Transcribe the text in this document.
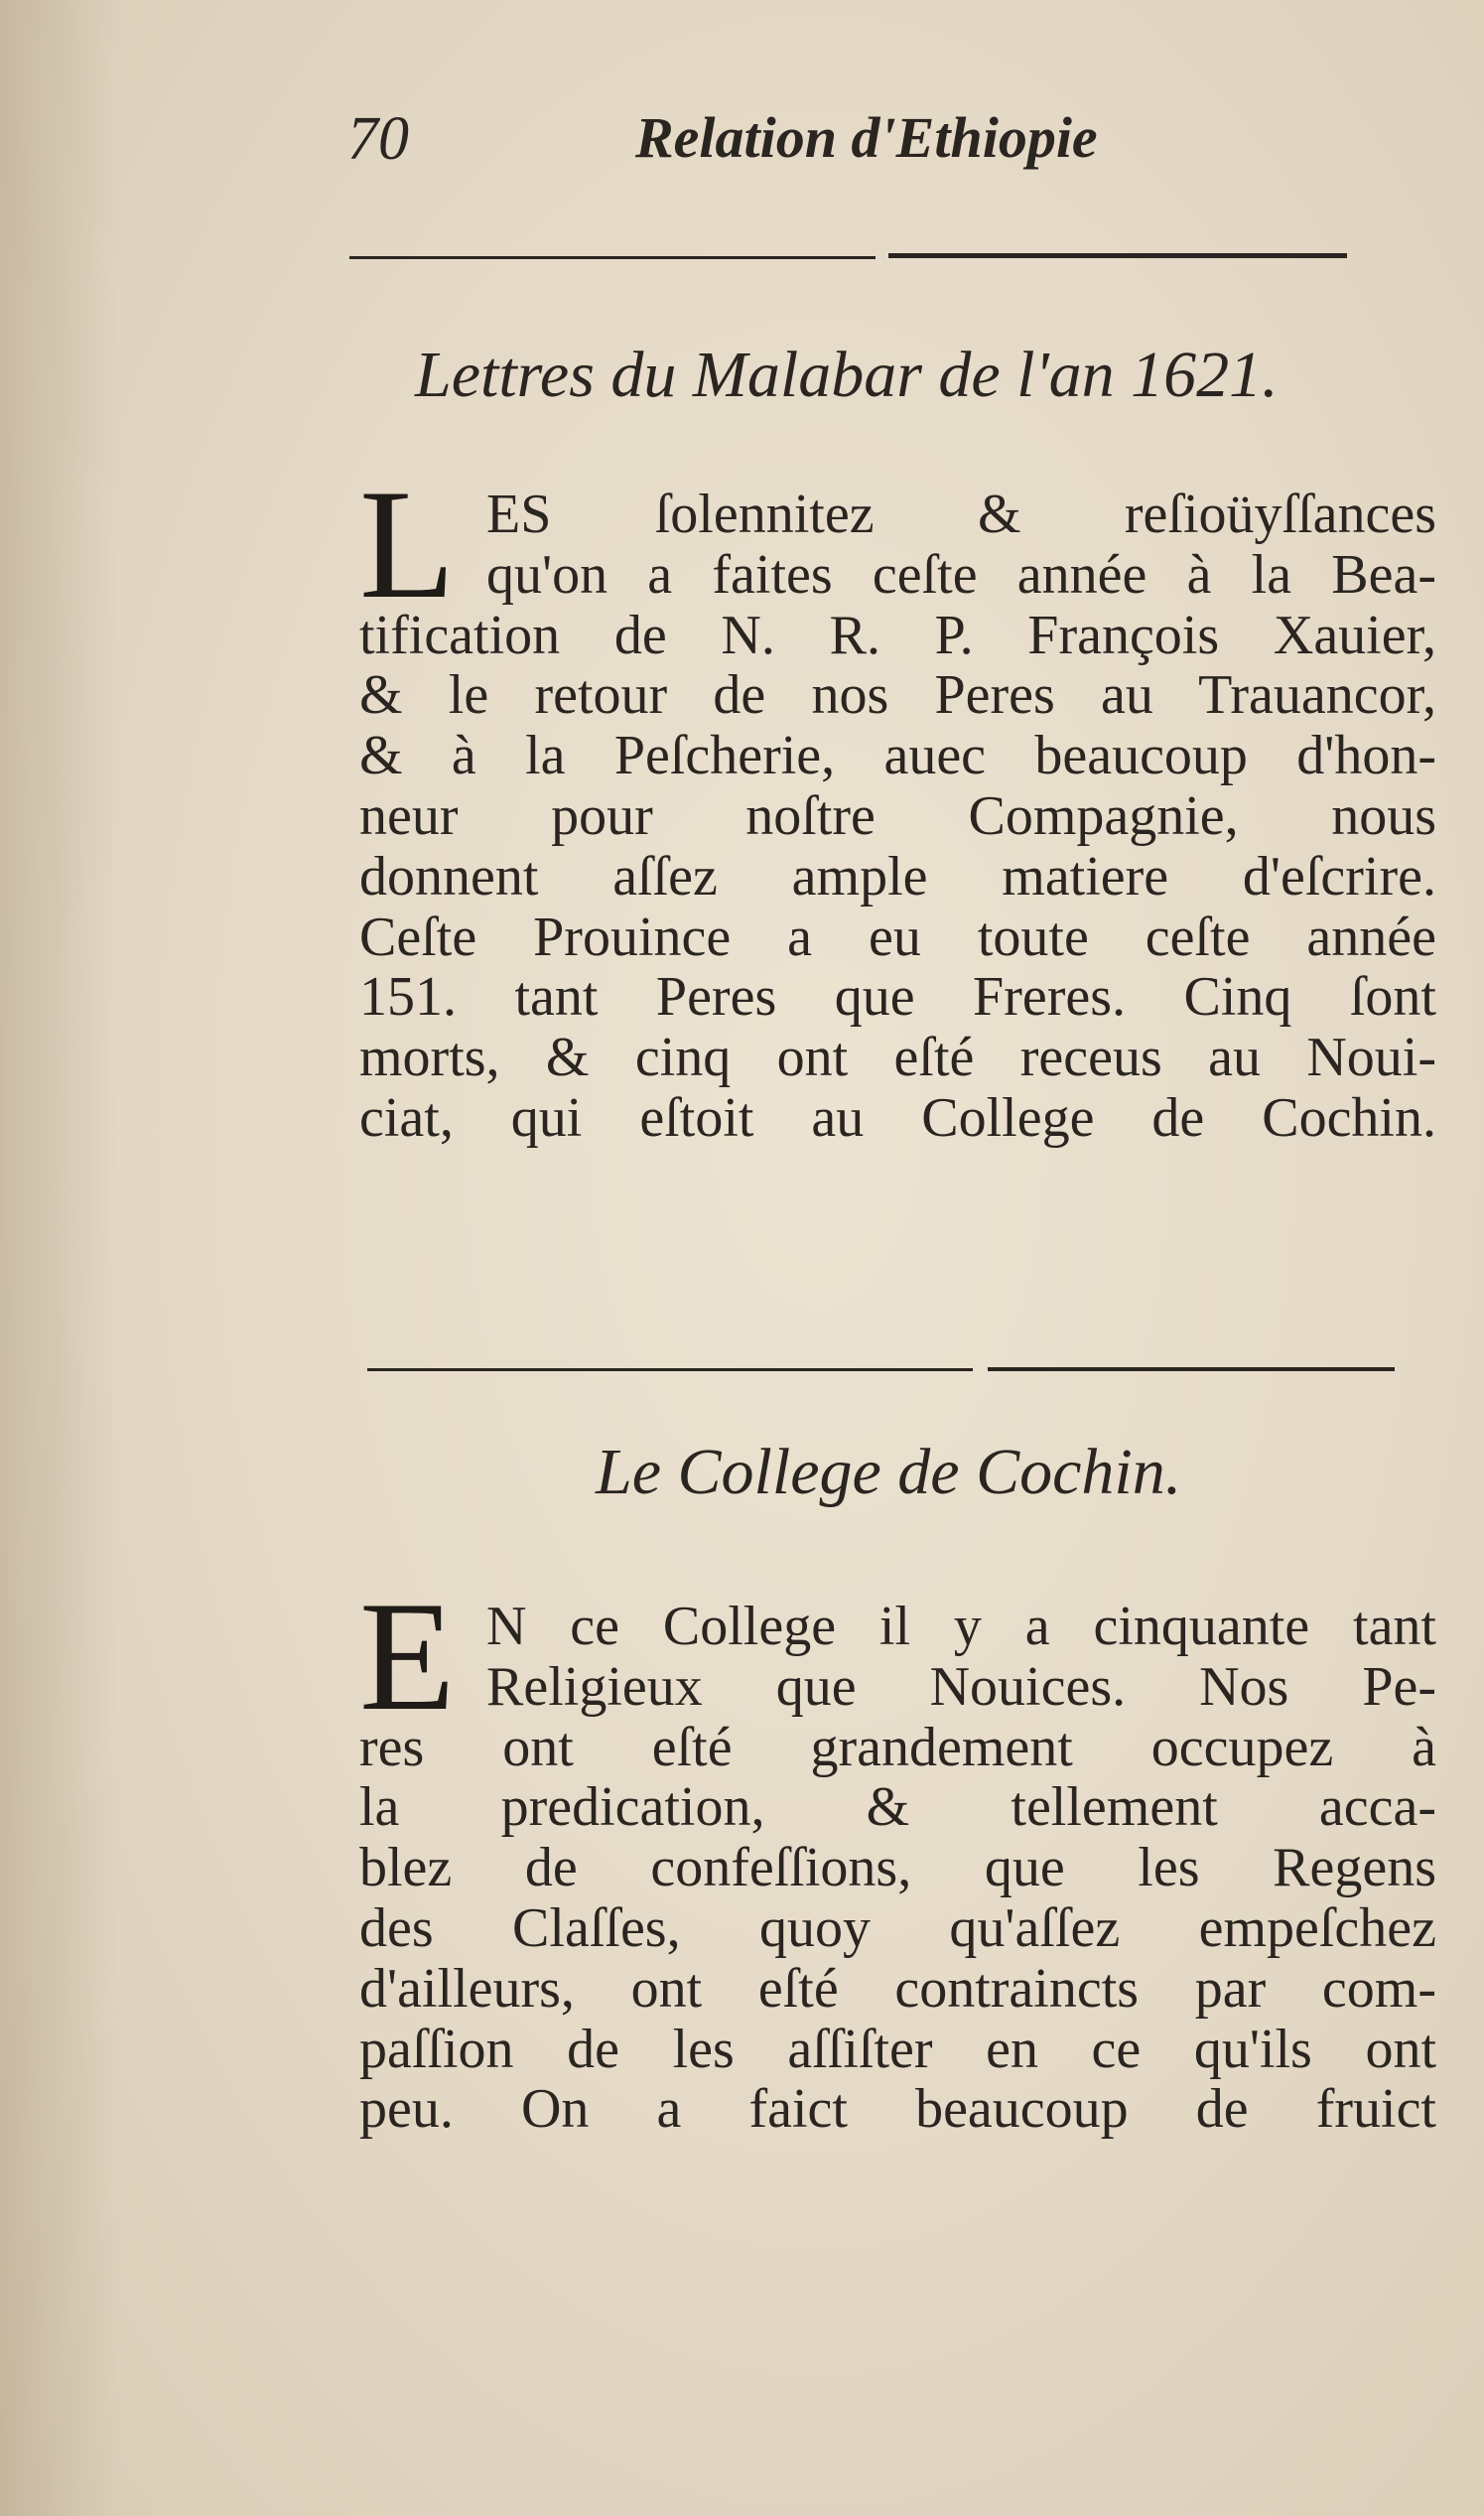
70	Relation d'Ethiopie
Lettres du Malabar de l'an 1621.
L ES ſolennitez & reſioüyſſances
qu'on a faites ceſte année à la Bea-
tification de N. R. P. François Xauier,
& le retour de nos Peres au Trauancor,
& à la Peſcherie, auec beaucoup d'hon-
neur pour noſtre Compagnie, nous
donnent aſſez ample matiere d'eſcrire.
Ceſte Prouince a eu toute ceſte année
151. tant Peres que Freres. Cinq ſont
morts, & cinq ont eſté receus au Noui-
ciat, qui eſtoit au College de Cochin.
Le College de Cochin.
E N ce College il y a cinquante tant
Religieux que Nouices. Nos Pe-
res ont eſté grandement occupez à
la predication, & tellement acca-
blez de confeſſions, que les Regens
des Claſſes, quoy qu'aſſez empeſchez
d'ailleurs, ont eſté contraincts par com-
paſſion de les aſſiſter en ce qu'ils ont
peu. On a faict beaucoup de fruict
